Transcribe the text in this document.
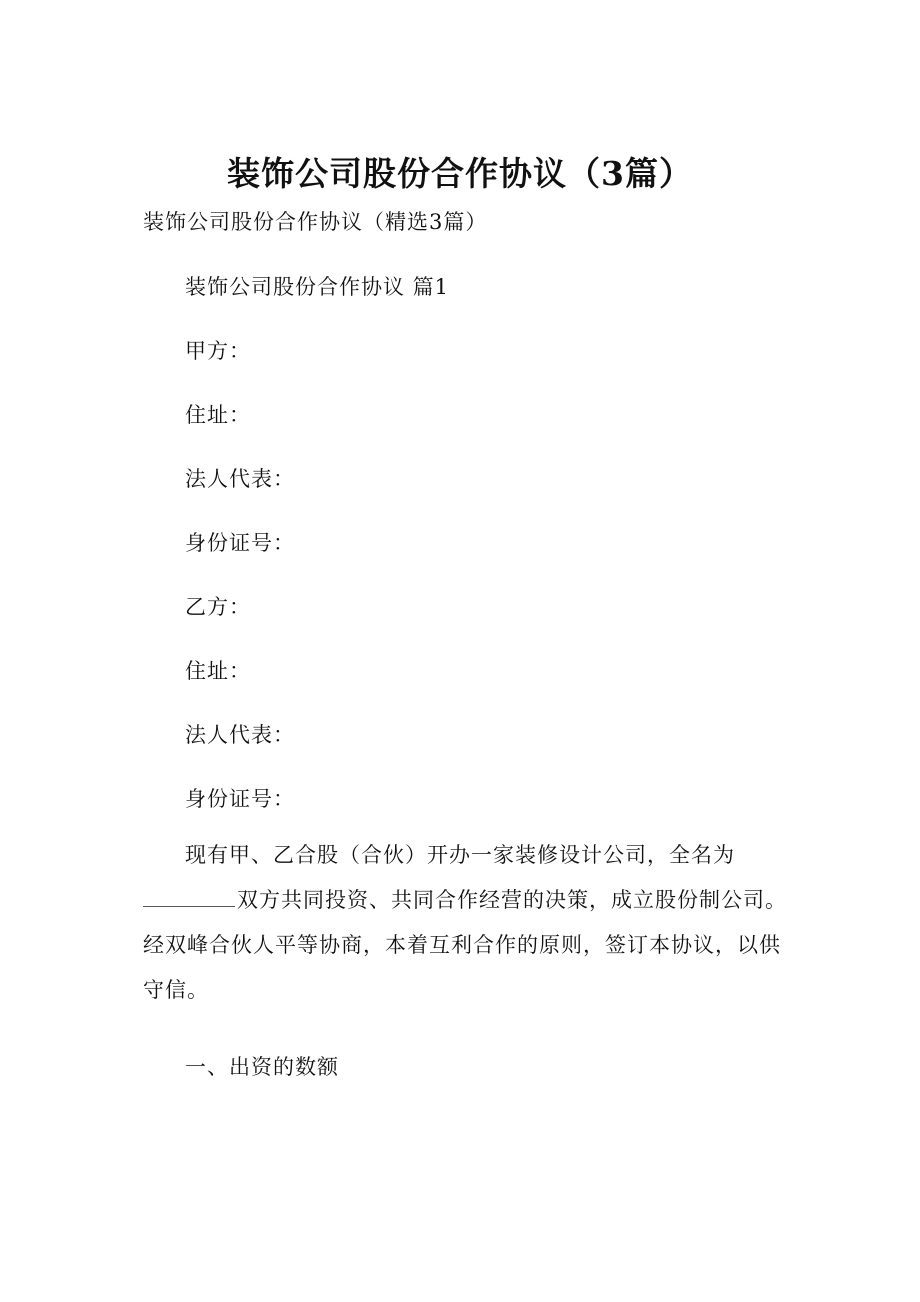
装饰公司股份合作协议（3篇）
装饰公司股份合作协议（精选3篇）
装饰公司股份合作协议 篇1
甲方：
住址：
法人代表：
身份证号：
乙方：
住址：
法人代表：
身份证号：
现有甲、乙合股（合伙）开办一家装修设计公司，全名为
双方共同投资、共同合作经营的决策，成立股份制公司。
经双峰合伙人平等协商，本着互利合作的原则，签订本协议，以供
守信。
一、出资的数额
